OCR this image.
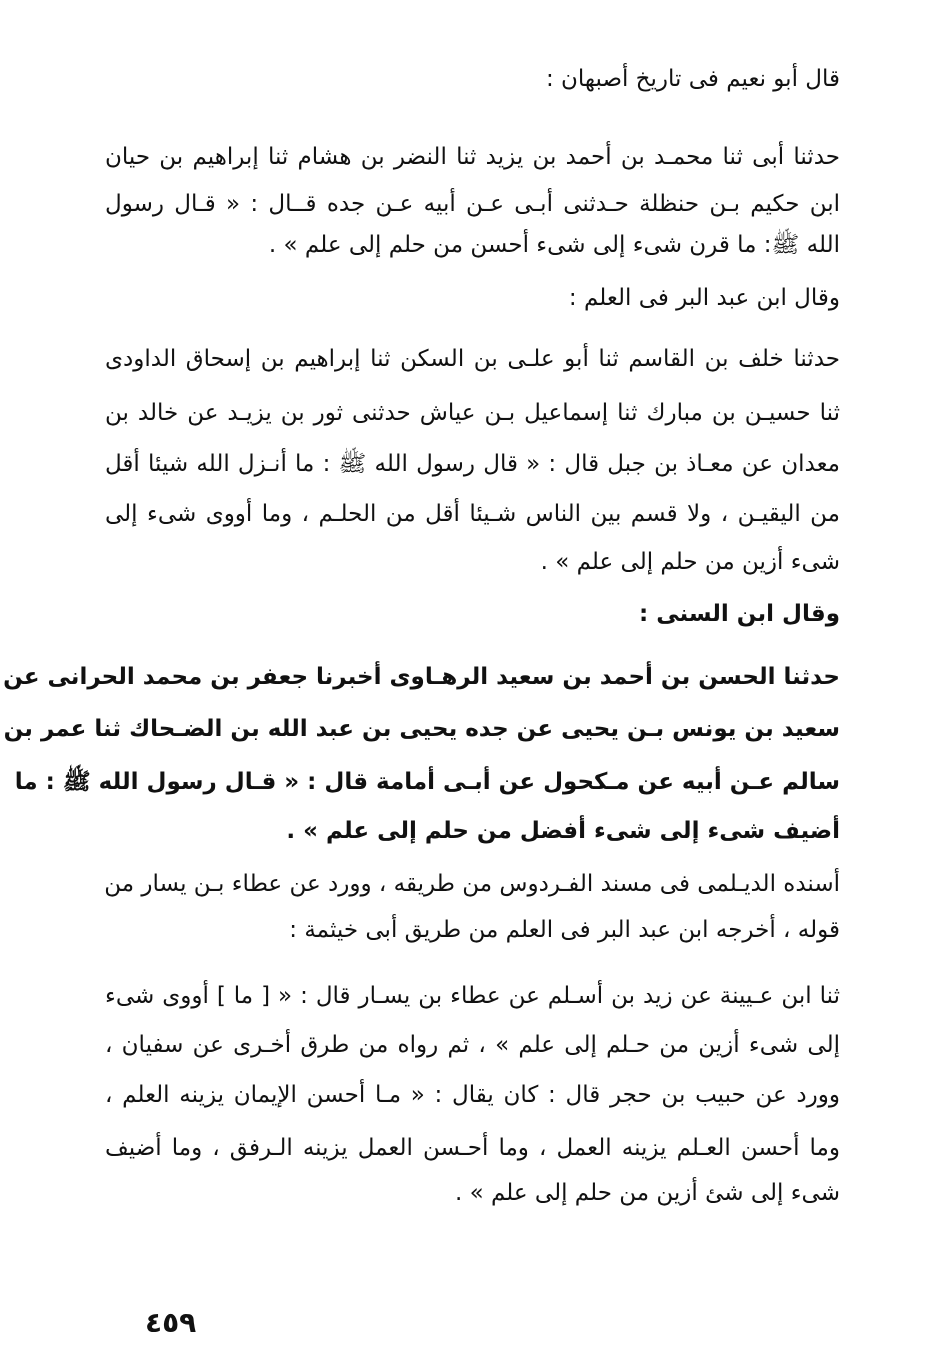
قال أبو نعيم فى تاريخ أصبهان :
حدثنا أبى ثنا محمـد بن أحمد بن يزيد ثنا النضر بن هشام ثنا إبراهيم بن حيان
ابن حكيم بـن حنظلة حـدثنى أبـى عـن أبيه عـن جده قــال : « قـال رسول
الله ﷺ: ما قرن شىء إلى شىء أحسن من حلم إلى علم » .
وقال ابن عبد البر فى العلم :
حدثنا خلف بن القاسم ثنا أبو علـى بن السكن ثنا إبراهيم بن إسحاق الداودى
ثنا حسيـن بن مبارك ثنا إسماعيل بـن عياش حدثنى ثور بن يزيـد عن خالد بن
معدان عن معـاذ بن جبل قال : « قال رسول الله ﷺ : ما أنـزل الله شيئا أقل
من اليقيـن ، ولا قسم بين الناس شـيئا أقل من الحلـم ، وما أووى شىء إلى
شىء أزين من حلم إلى علم » .
وقال ابن السنى :
حدثنا الحسن بن أحمد بن سعيد الرهـاوى أخبرنا جعفر بن محمد الحرانى عن
سعيد بن يونس بـن يحيى عن جده يحيى بن عبد الله بن الضـحاك ثنا عمر بن
سالم عـن أبيه عن مـكحول عن أبـى أمامة قال : « قـال رسول الله ﷺ : ما
أضيف شىء إلى شىء أفضل من حلم إلى علم » .
أسنده الديـلمى فى مسند الفـردوس من طريقه ، وورد عن عطاء بـن يسار من
قوله ، أخرجه ابن عبد البر فى العلم من طريق أبى خيثمة :
ثنا ابن عـيينة عن زيد بن أسـلم عن عطاء بن يسـار قال : « [ ما ] أووى شىء
إلى شىء أزين من حـلم إلى علم » ، ثم رواه من طرق أخـرى عن سفيان ،
وورد عن حبيب بن حجر قال : كان يقال : « مـا أحسن الإيمان يزينه العلم ،
وما أحسن العـلم يزينه العمل ، وما أحـسن العمل يزينه الـرفق ، وما أضيف
شىء إلى شئ أزين من حلم إلى علم » .
٤٥٩
